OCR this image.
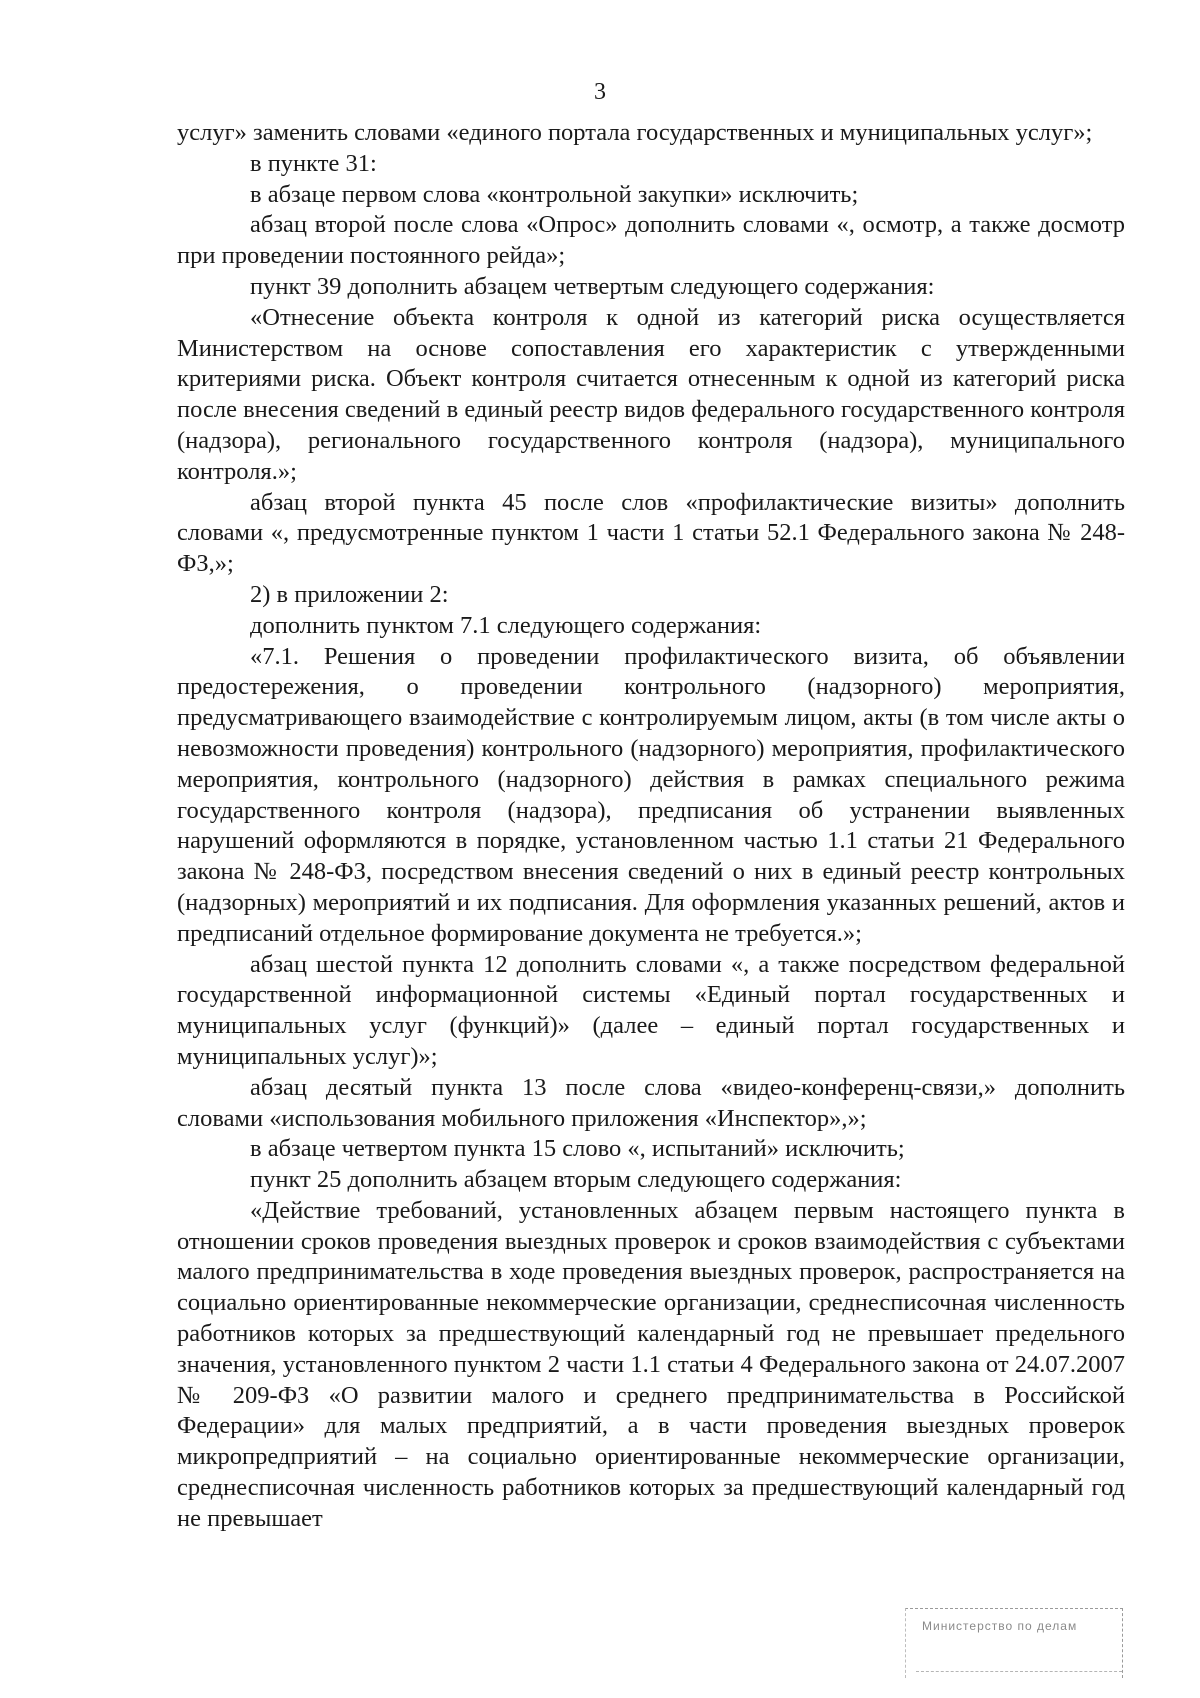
3

услуг» заменить словами «единого портала государственных и муниципальных услуг»;

в пункте 31:

в абзаце первом слова «контрольной закупки» исключить;

абзац второй после слова «Опрос» дополнить словами «, осмотр, а также досмотр при проведении постоянного рейда»;

пункт 39 дополнить абзацем четвертым следующего содержания:

«Отнесение объекта контроля к одной из категорий риска осуществляется Министерством на основе сопоставления его характеристик с утвержденными критериями риска. Объект контроля считается отнесенным к одной из категорий риска после внесения сведений в единый реестр видов федерального государственного контроля (надзора), регионального государственного контроля (надзора), муниципального контроля.»;

абзац второй пункта 45 после слов «профилактические визиты» дополнить словами «, предусмотренные пунктом 1 части 1 статьи 52.1 Федерального закона № 248-ФЗ,»;

2) в приложении 2:

дополнить пунктом 7.1 следующего содержания:

«7.1. Решения о проведении профилактического визита, об объявлении предостережения, о проведении контрольного (надзорного) мероприятия, предусматривающего взаимодействие с контролируемым лицом, акты (в том числе акты о невозможности проведения) контрольного (надзорного) мероприятия, профилактического мероприятия, контрольного (надзорного) действия в рамках специального режима государственного контроля (надзора), предписания об устранении выявленных нарушений оформляются в порядке, установленном частью 1.1 статьи 21 Федерального закона № 248-ФЗ, посредством внесения сведений о них в единый реестр контрольных (надзорных) мероприятий и их подписания. Для оформления указанных решений, актов и предписаний отдельное формирование документа не требуется.»;

абзац шестой пункта 12 дополнить словами «, а также посредством федеральной государственной информационной системы «Единый портал государственных и муниципальных услуг (функций)» (далее – единый портал государственных и муниципальных услуг)»;

абзац десятый пункта 13 после слова «видео-конференц-связи,» дополнить словами «использования мобильного приложения «Инспектор»,»;

в абзаце четвертом пункта 15 слово «, испытаний» исключить;

пункт 25 дополнить абзацем вторым следующего содержания:

«Действие требований, установленных абзацем первым настоящего пункта в отношении сроков проведения выездных проверок и сроков взаимодействия с субъектами малого предпринимательства в ходе проведения выездных проверок, распространяется на социально ориентированные некоммерческие организации, среднесписочная численность работников которых за предшествующий календарный год не превышает предельного значения, установленного пунктом 2 части 1.1 статьи 4 Федерального закона от 24.07.2007 № 209-ФЗ «О развитии малого и среднего предпринимательства в Российской Федерации» для малых предприятий, а в части проведения выездных проверок микропредприятий – на социально ориентированные некоммерческие организации, среднесписочная численность работников которых за предшествующий календарный год не превышает

Министерство по делам
